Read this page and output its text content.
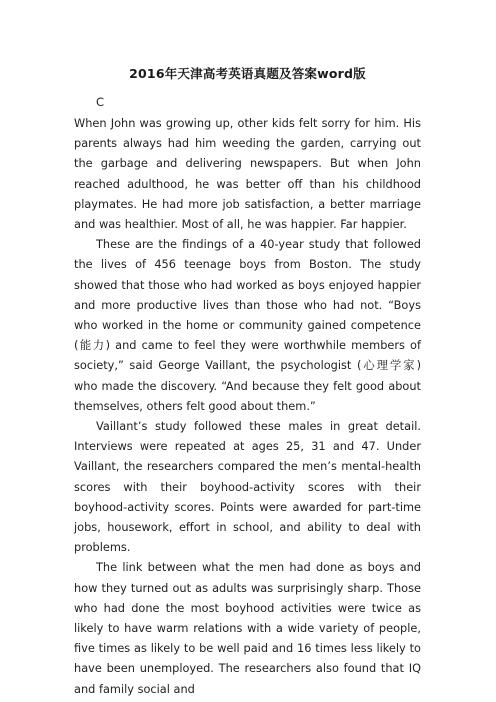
2016年天津高考英语真题及答案word版
C

When John was growing up, other kids felt sorry for him. His parents always had him weeding the garden, carrying out the garbage and delivering newspapers. But when John reached adulthood, he was better off than his childhood playmates. He had more job satisfaction, a better marriage and was healthier. Most of all, he was happier. Far happier.

These are the findings of a 40-year study that followed the lives of 456 teenage boys from Boston. The study showed that those who had worked as boys enjoyed happier and more productive lives than those who had not. “Boys who worked in the home or community gained competence (能力) and came to feel they were worthwhile members of society,” said George Vaillant, the psychologist (心理学家) who made the discovery. “And because they felt good about themselves, others felt good about them.”

Vaillant’s study followed these males in great detail. Interviews were repeated at ages 25, 31 and 47. Under Vaillant, the researchers compared the men’s mental-health scores with their boyhood-activity scores with their boyhood-activity scores. Points were awarded for part-time jobs, housework, effort in school, and ability to deal with problems.

The link between what the men had done as boys and how they turned out as adults was surprisingly sharp. Those who had done the most boyhood activities were twice as likely to have warm relations with a wide variety of people, five times as likely to be well paid and 16 times less likely to have been unemployed. The researchers also found that IQ and family social and
